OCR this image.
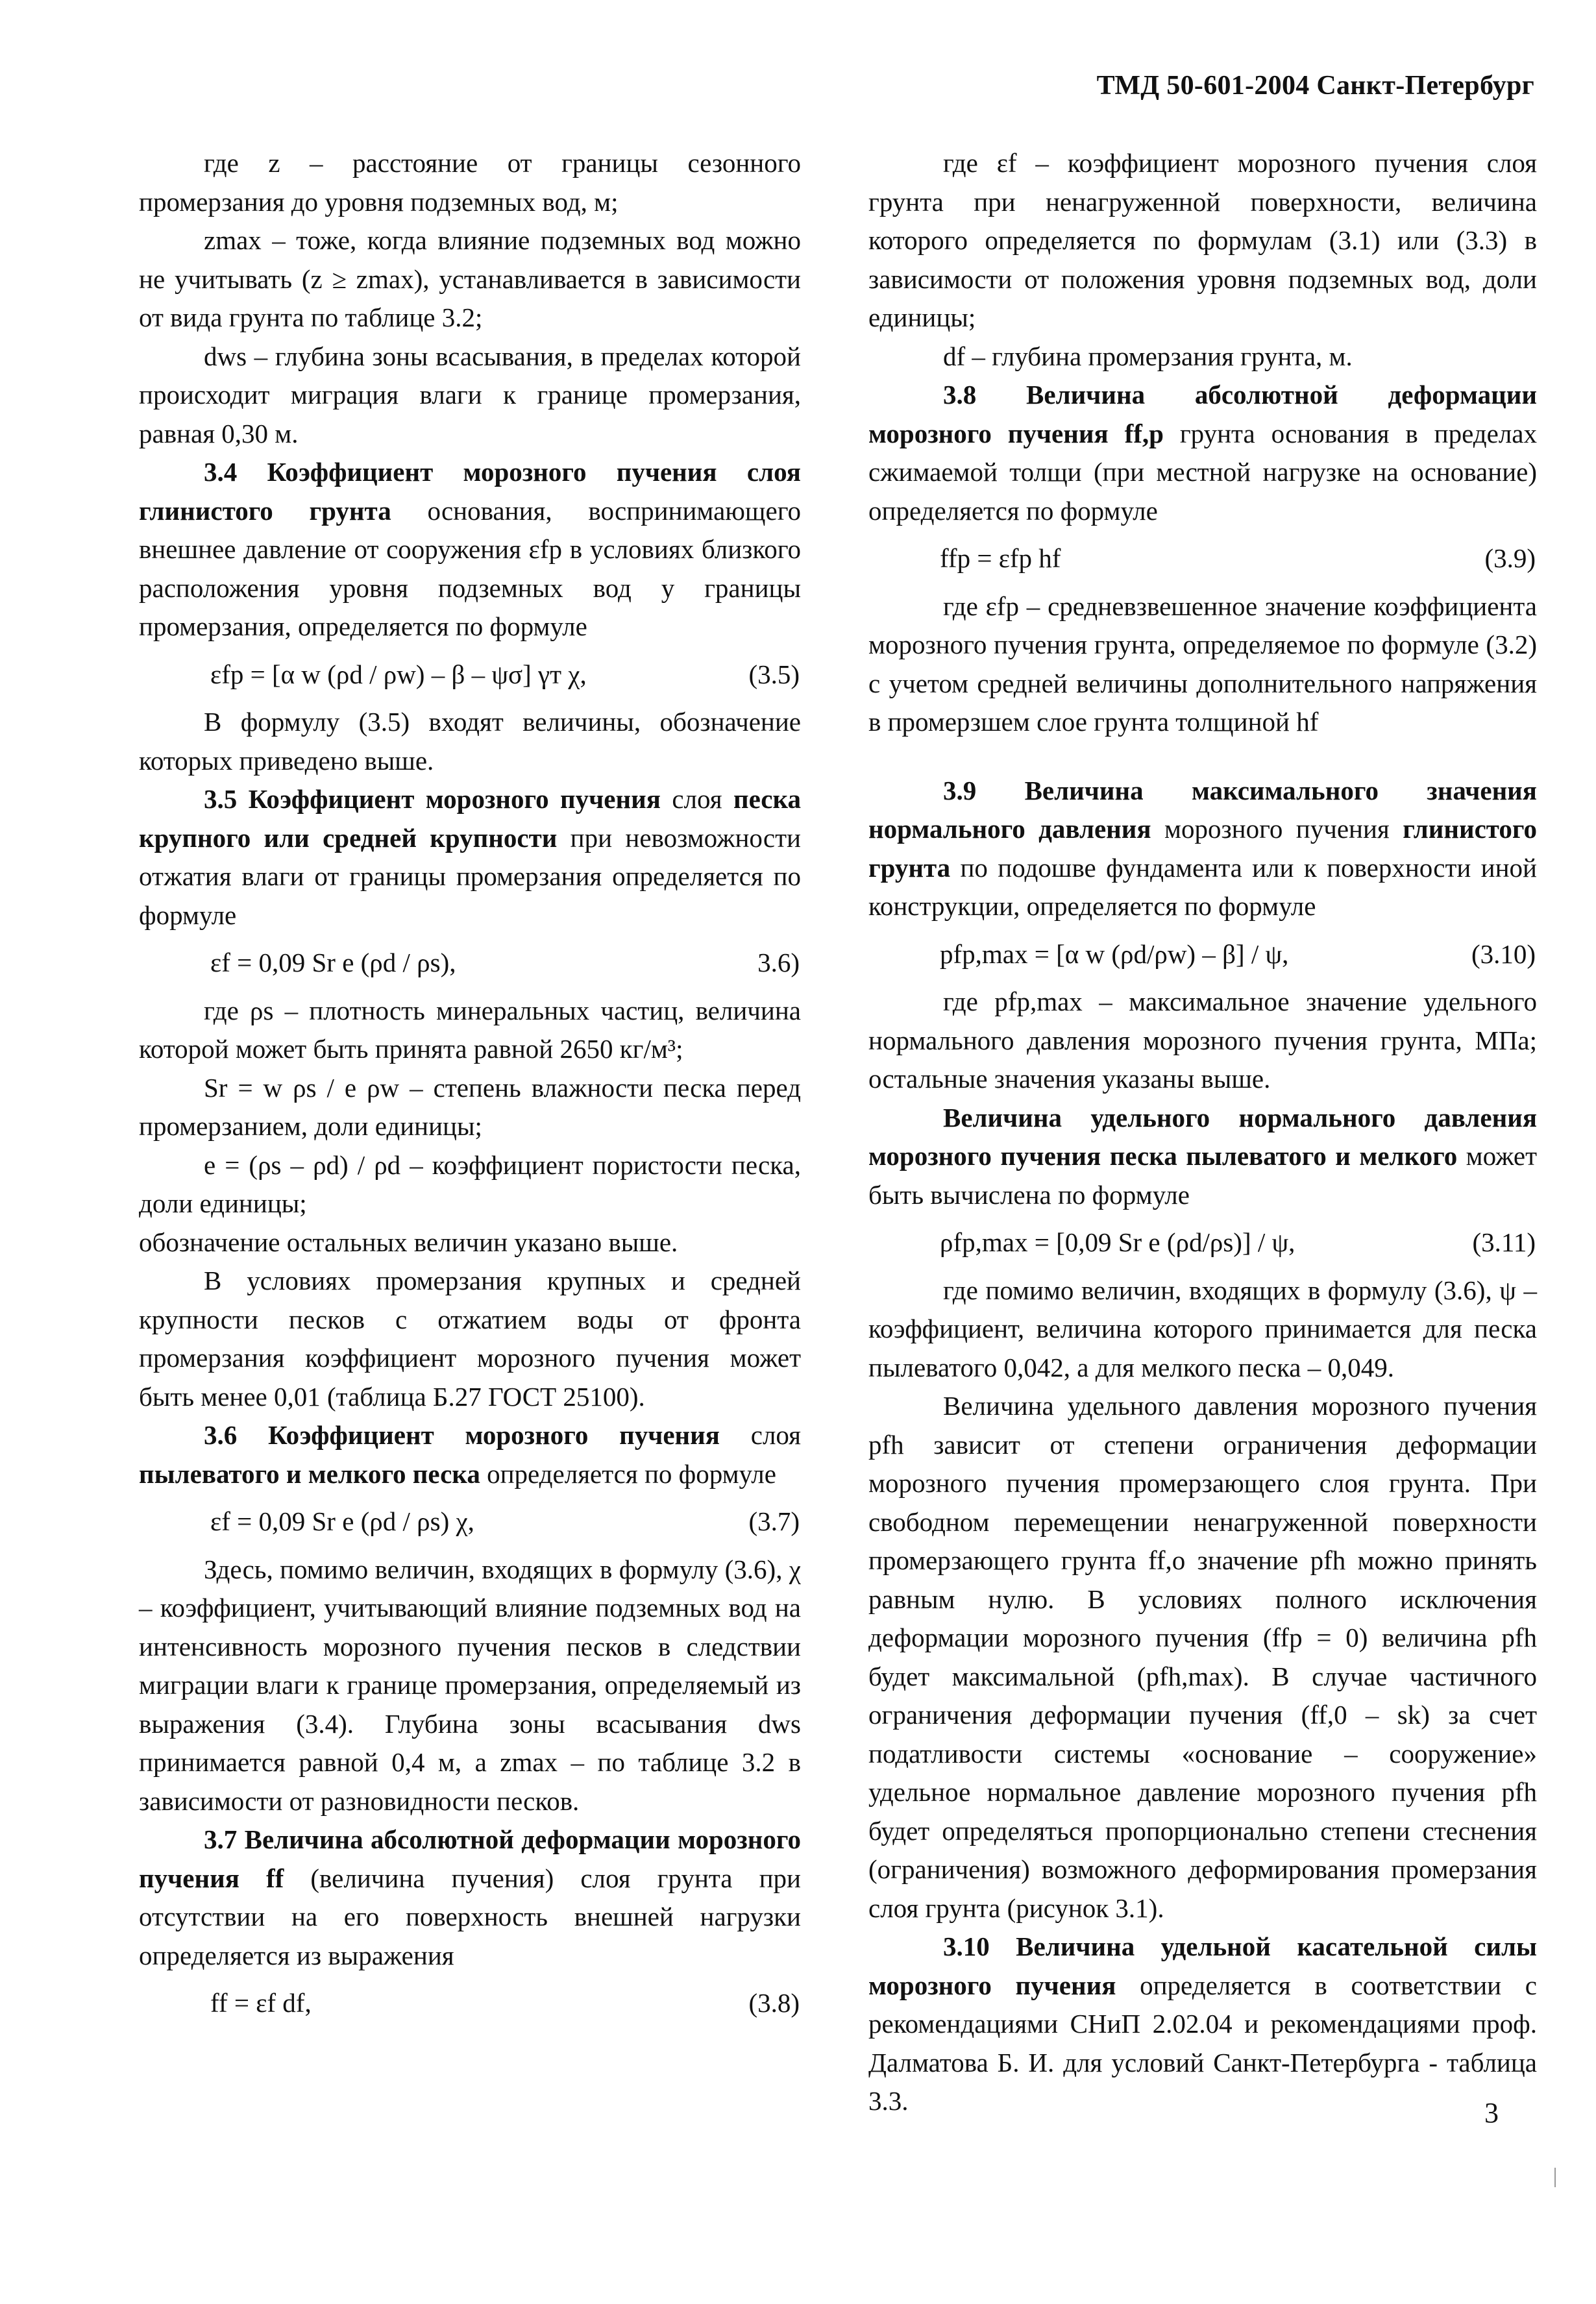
ТМД 50-601-2004 Санкт-Петербург

где z – расстояние от границы сезонного промерзания до уровня подземных вод, м;

zmax – тоже, когда влияние подземных вод можно не учитывать (z ≥ zmax), устанавливается в зависимости от вида грунта по таблице 3.2;

dws – глубина зоны всасывания, в пределах которой происходит миграция влаги к границе промерзания, равная 0,30 м.

3.4 Коэффициент морозного пучения слоя глинистого грунта основания, воспринимающего внешнее давление от сооружения εfp в условиях близкого расположения уровня подземных вод у границы промерзания, определяется по формуле

εfp = [α w (ρd / ρw) – β – ψσ] γт χ,	(3.5)

В формулу (3.5) входят величины, обозначение которых приведено выше.

3.5 Коэффициент морозного пучения слоя песка крупного или средней крупности при невозможности отжатия влаги от границы промерзания определяется по формуле

εf = 0,09 Sr e (ρd / ρs),	3.6)

где ρs – плотность минеральных частиц, величина которой может быть принята равной 2650 кг/м³;

Sr = w ρs / e ρw – степень влажности песка перед промерзанием, доли единицы;

e = (ρs – ρd) / ρd – коэффициент пористости песка, доли единицы;

обозначение остальных величин указано выше.

В условиях промерзания крупных и средней крупности песков с отжатием воды от фронта промерзания коэффициент морозного пучения может быть менее 0,01 (таблица Б.27 ГОСТ 25100).

3.6 Коэффициент морозного пучения слоя пылеватого и мелкого песка определяется по формуле

εf = 0,09 Sr e (ρd / ρs) χ,	(3.7)

Здесь, помимо величин, входящих в формулу (3.6), χ – коэффициент, учитывающий влияние подземных вод на интенсивность морозного пучения песков в следствии миграции влаги к границе промерзания, определяемый из выражения (3.4). Глубина зоны всасывания dws принимается равной 0,4 м, а zmax – по таблице 3.2 в зависимости от разновидности песков.

3.7 Величина абсолютной деформации морозного пучения ff (величина пучения) слоя грунта при отсутствии на его поверхность внешней нагрузки определяется из выражения

ff = εf df,	(3.8)

где εf – коэффициент морозного пучения слоя грунта при ненагруженной поверхности, величина которого определяется по формулам (3.1) или (3.3) в зависимости от положения уровня подземных вод, доли единицы;

df – глубина промерзания грунта, м.

3.8 Величина абсолютной деформации морозного пучения ff,p грунта основания в пределах сжимаемой толщи (при местной нагрузке на основание) определяется по формуле

ffp = εfp hf	(3.9)

где εfp – средневзвешенное значение коэффициента морозного пучения грунта, определяемое по формуле (3.2) с учетом средней величины дополнительного напряжения в промерзшем слое грунта толщиной hf

3.9 Величина максимального значения нормального давления морозного пучения глинистого грунта по подошве фундамента или к поверхности иной конструкции, определяется по формуле

pfp,max = [α w (ρd/ρw) – β] / ψ,	(3.10)

где pfp,max – максимальное значение удельного нормального давления морозного пучения грунта, МПа; остальные значения указаны выше.

Величина удельного нормального давления морозного пучения песка пылеватого и мелкого может быть вычислена по формуле

ρfp,max = [0,09 Sr e (ρd/ρs)] / ψ,	(3.11)

где помимо величин, входящих в формулу (3.6), ψ – коэффициент, величина которого принимается для песка пылеватого 0,042, а для мелкого песка – 0,049.

Величина удельного давления морозного пучения pfh зависит от степени ограничения деформации морозного пучения промерзающего слоя грунта. При свободном перемещении ненагруженной поверхности промерзающего грунта ff,o значение pfh можно принять равным нулю. В условиях полного исключения деформации морозного пучения (ffp = 0) величина pfh будет максимальной (pfh,max). В случае частичного ограничения деформации пучения (ff,0 – sk) за счет податливости системы «основание – сооружение» удельное нормальное давление морозного пучения pfh будет определяться пропорционально степени стеснения (ограничения) возможного деформирования промерзания слоя грунта (рисунок 3.1).

3.10 Величина удельной касательной силы морозного пучения определяется в соответствии с рекомендациями СНиП 2.02.04 и рекомендациями проф. Далматова Б. И. для условий Санкт-Петербурга - таблица 3.3.	3
